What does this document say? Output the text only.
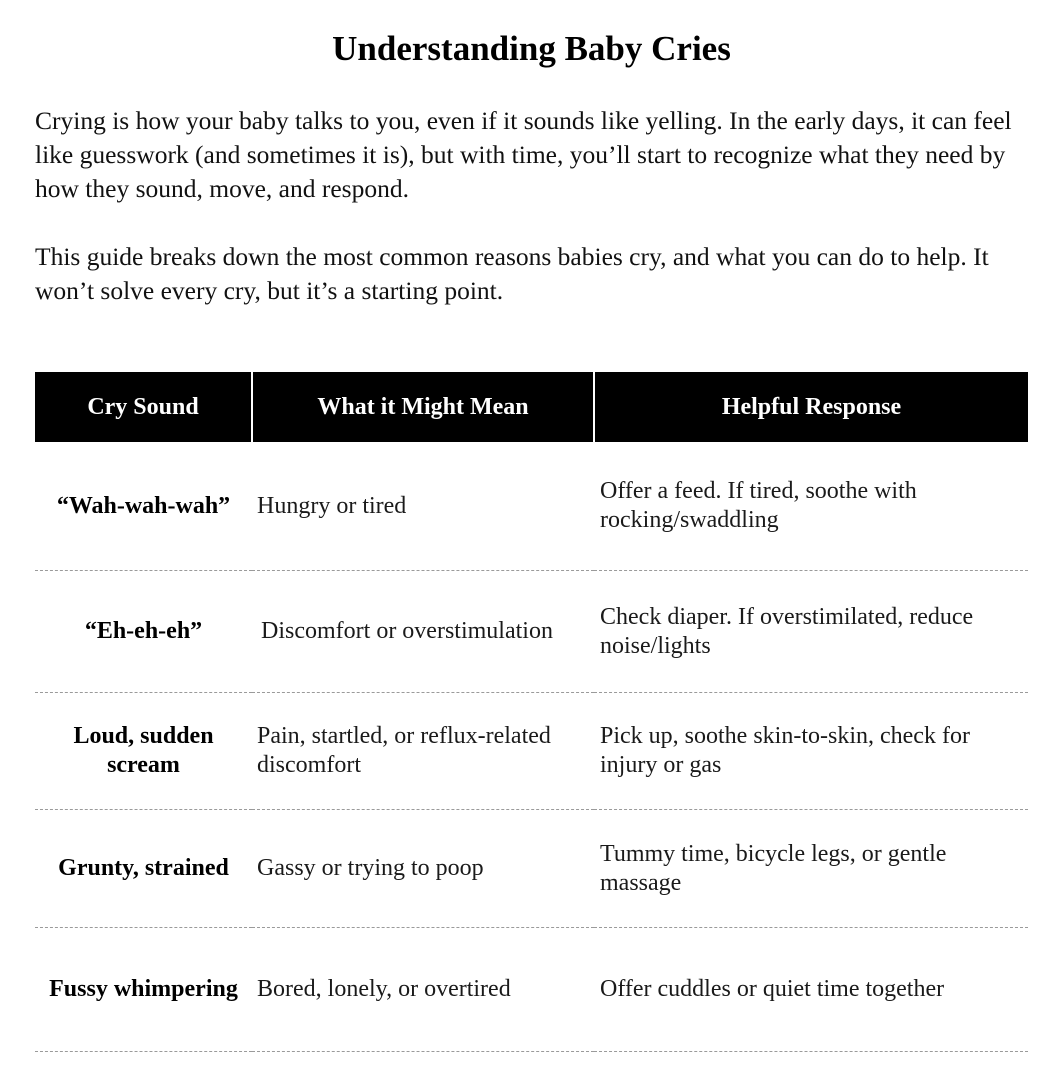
Understanding Baby Cries

Crying is how your baby talks to you, even if it sounds like yelling. In the early days, it can feel like guesswork (and sometimes it is), but with time, you’ll start to recognize what they need by how they sound, move, and respond.

This guide breaks down the most common reasons babies cry, and what you can do to help. It won’t solve every cry, but it’s a starting point.

Cry Sound	What it Might Mean	Helpful Response
“Wah-wah-wah”	Hungry or tired	Offer a feed. If tired, soothe with rocking/swaddling
“Eh-eh-eh”	Discomfort or overstimulation	Check diaper. If overstimilated, reduce noise/lights
Loud, sudden scream	Pain, startled, or reflux-related discomfort	Pick up, soothe skin-to-skin, check for injury or gas
Grunty, strained	Gassy or trying to poop	Tummy time, bicycle legs, or gentle massage
Fussy whimpering	Bored, lonely, or overtired	Offer cuddles or quiet time together
